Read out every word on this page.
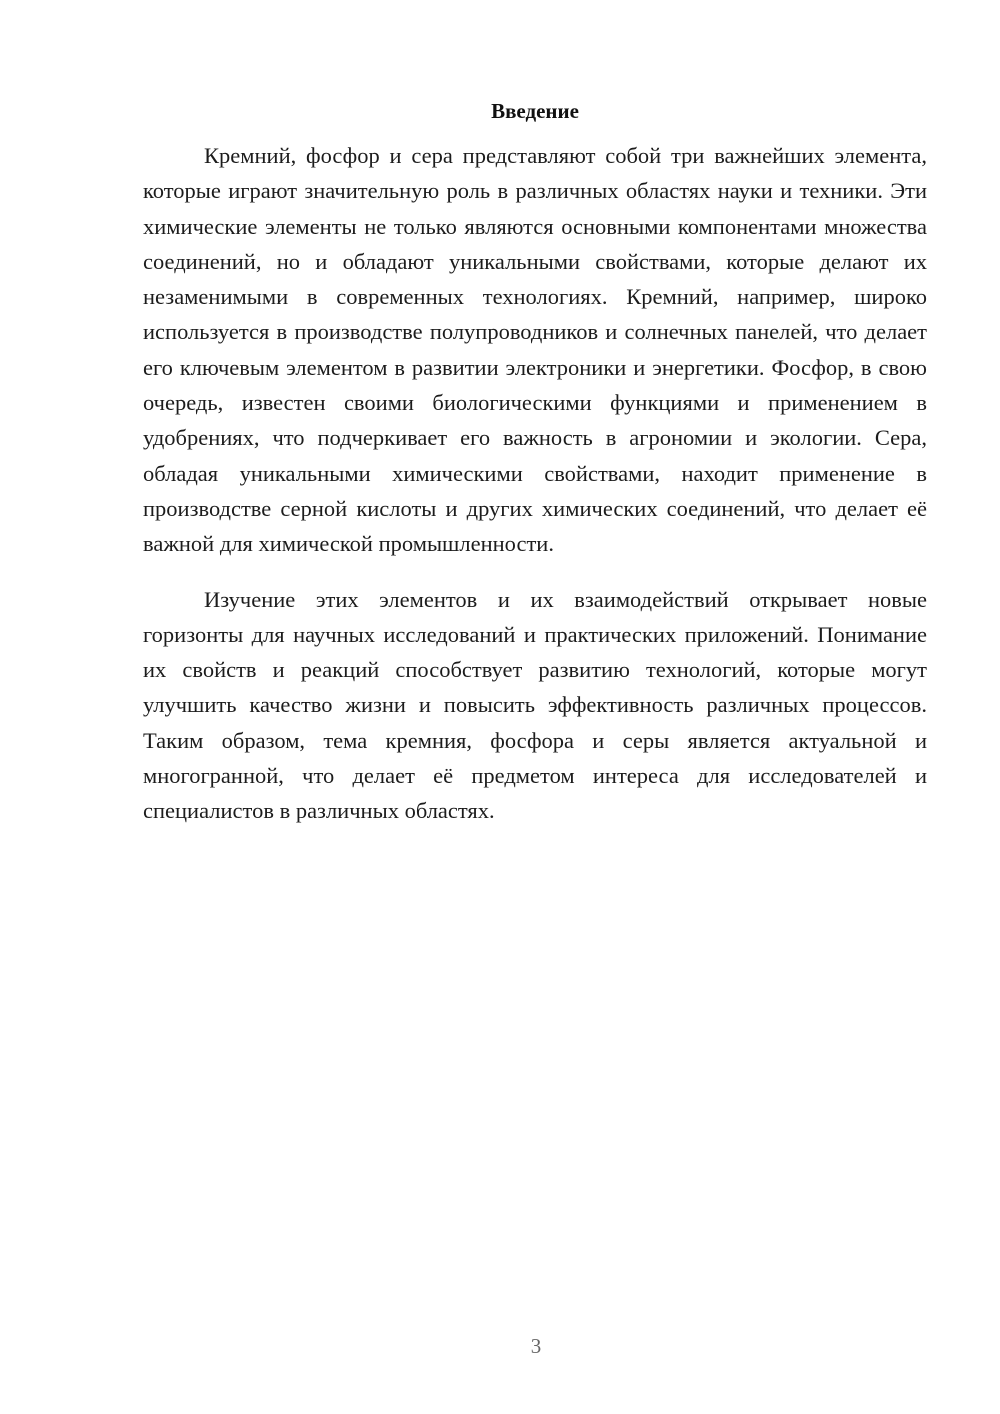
Введение

Кремний, фосфор и сера представляют собой три важнейших элемента, которые играют значительную роль в различных областях науки и техники. Эти химические элементы не только являются основными компонентами множества соединений, но и обладают уникальными свойствами, которые делают их незаменимыми в современных технологиях. Кремний, например, широко используется в производстве полупроводников и солнечных панелей, что делает его ключевым элементом в развитии электроники и энергетики. Фосфор, в свою очередь, известен своими биологическими функциями и применением в удобрениях, что подчеркивает его важность в агрономии и экологии. Сера, обладая уникальными химическими свойствами, находит применение в производстве серной кислоты и других химических соединений, что делает её важной для химической промышленности.

Изучение этих элементов и их взаимодействий открывает новые горизонты для научных исследований и практических приложений. Понимание их свойств и реакций способствует развитию технологий, которые могут улучшить качество жизни и повысить эффективность различных процессов. Таким образом, тема кремния, фосфора и серы является актуальной и многогранной, что делает её предметом интереса для исследователей и специалистов в различных областях.

3
